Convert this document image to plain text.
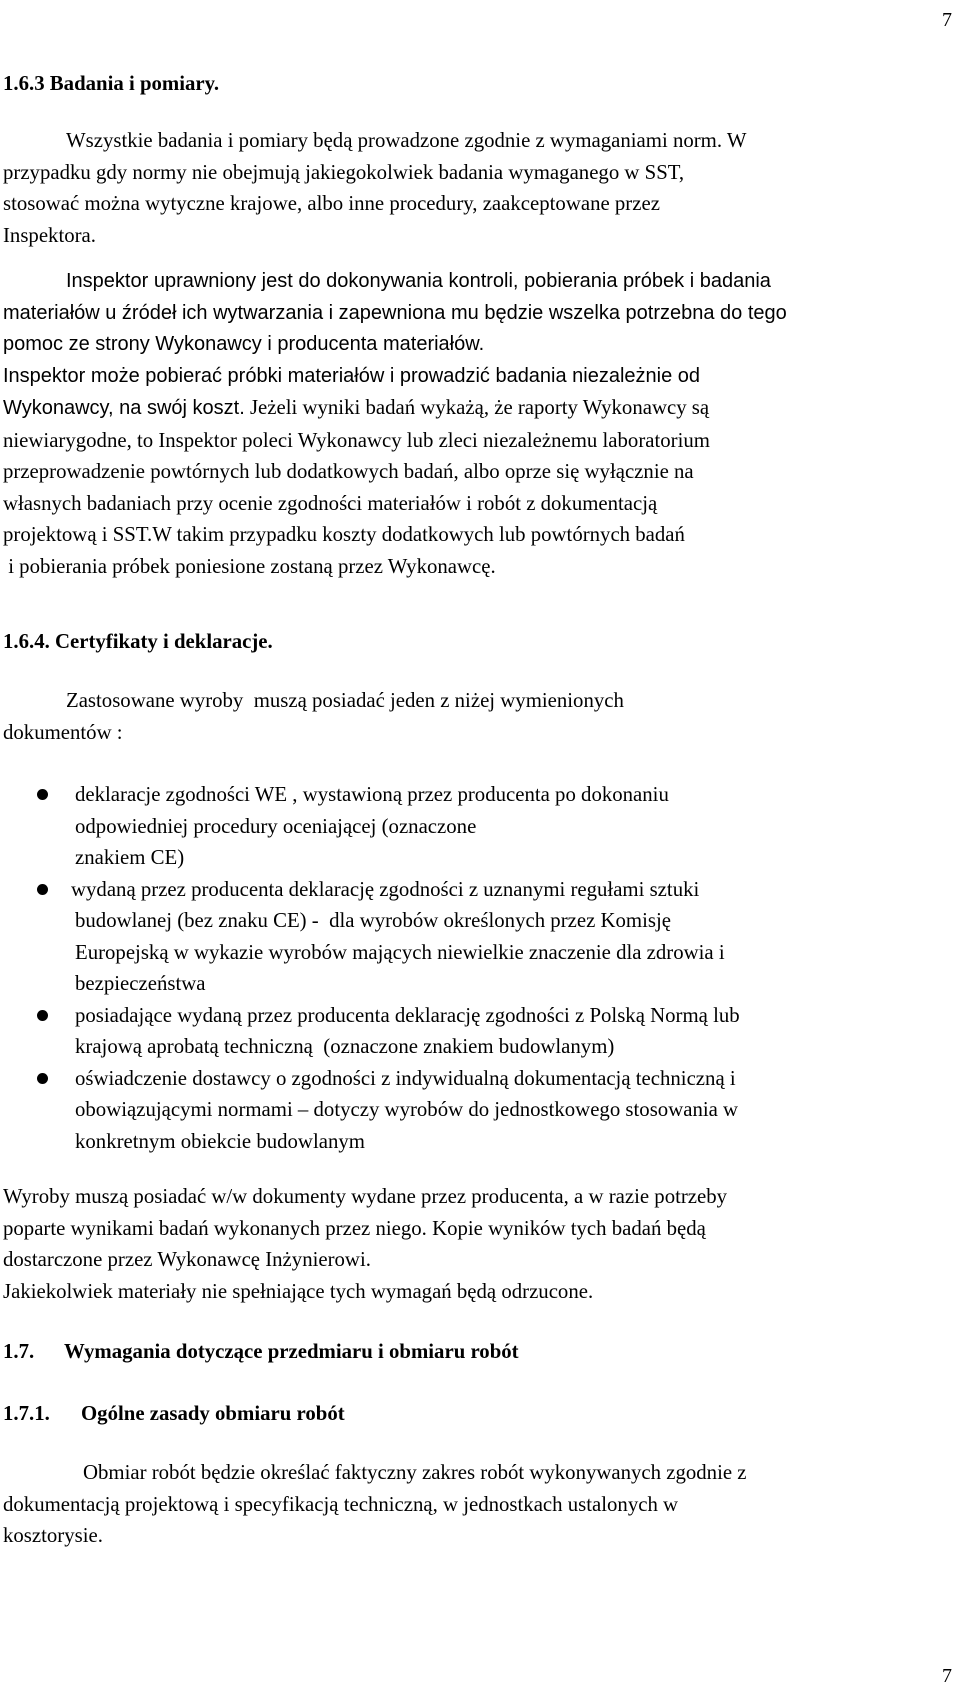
7
1.6.3 Badania i pomiary.
Wszystkie badania i pomiary będą prowadzone zgodnie z wymaganiami norm. W
przypadku gdy normy nie obejmują jakiegokolwiek badania wymaganego w SST,
stosować można wytyczne krajowe, albo inne procedury, zaakceptowane przez
Inspektora.
Inspektor uprawniony jest do dokonywania kontroli, pobierania próbek i badania
materiałów u źródeł ich wytwarzania i zapewniona mu będzie wszelka potrzebna do tego
pomoc ze strony Wykonawcy i producenta materiałów.
Inspektor może pobierać próbki materiałów i prowadzić badania niezależnie od
Wykonawcy, na swój koszt. Jeżeli wyniki badań wykażą, że raporty Wykonawcy są
niewiarygodne, to Inspektor poleci Wykonawcy lub zleci niezależnemu laboratorium
przeprowadzenie powtórnych lub dodatkowych badań, albo oprze się wyłącznie na
własnych badaniach przy ocenie zgodności materiałów i robót z dokumentacją
projektową i SST.W takim przypadku koszty dodatkowych lub powtórnych badań
i pobierania próbek poniesione zostaną przez Wykonawcę.
1.6.4. Certyfikaty i deklaracje.
Zastosowane wyroby  muszą posiadać jeden z niżej wymienionych
dokumentów :
deklaracje zgodności WE , wystawioną przez producenta po dokonaniu
odpowiedniej procedury oceniającej (oznaczone
znakiem CE)
wydaną przez producenta deklarację zgodności z uznanymi regułami sztuki
budowlanej (bez znaku CE) -  dla wyrobów określonych przez Komisję
Europejską w wykazie wyrobów mających niewielkie znaczenie dla zdrowia i
bezpieczeństwa
posiadające wydaną przez producenta deklarację zgodności z Polską Normą lub
krajową aprobatą techniczną  (oznaczone znakiem budowlanym)
oświadczenie dostawcy o zgodności z indywidualną dokumentacją techniczną i
obowiązującymi normami – dotyczy wyrobów do jednostkowego stosowania w
konkretnym obiekcie budowlanym
Wyroby muszą posiadać w/w dokumenty wydane przez producenta, a w razie potrzeby
poparte wynikami badań wykonanych przez niego. Kopie wyników tych badań będą
dostarczone przez Wykonawcę Inżynierowi.
Jakiekolwiek materiały nie spełniające tych wymagań będą odrzucone.
1.7. Wymagania dotyczące przedmiaru i obmiaru robót
1.7.1. Ogólne zasady obmiaru robót
Obmiar robót będzie określać faktyczny zakres robót wykonywanych zgodnie z
dokumentacją projektową i specyfikacją techniczną, w jednostkach ustalonych w
kosztorysie.
7
